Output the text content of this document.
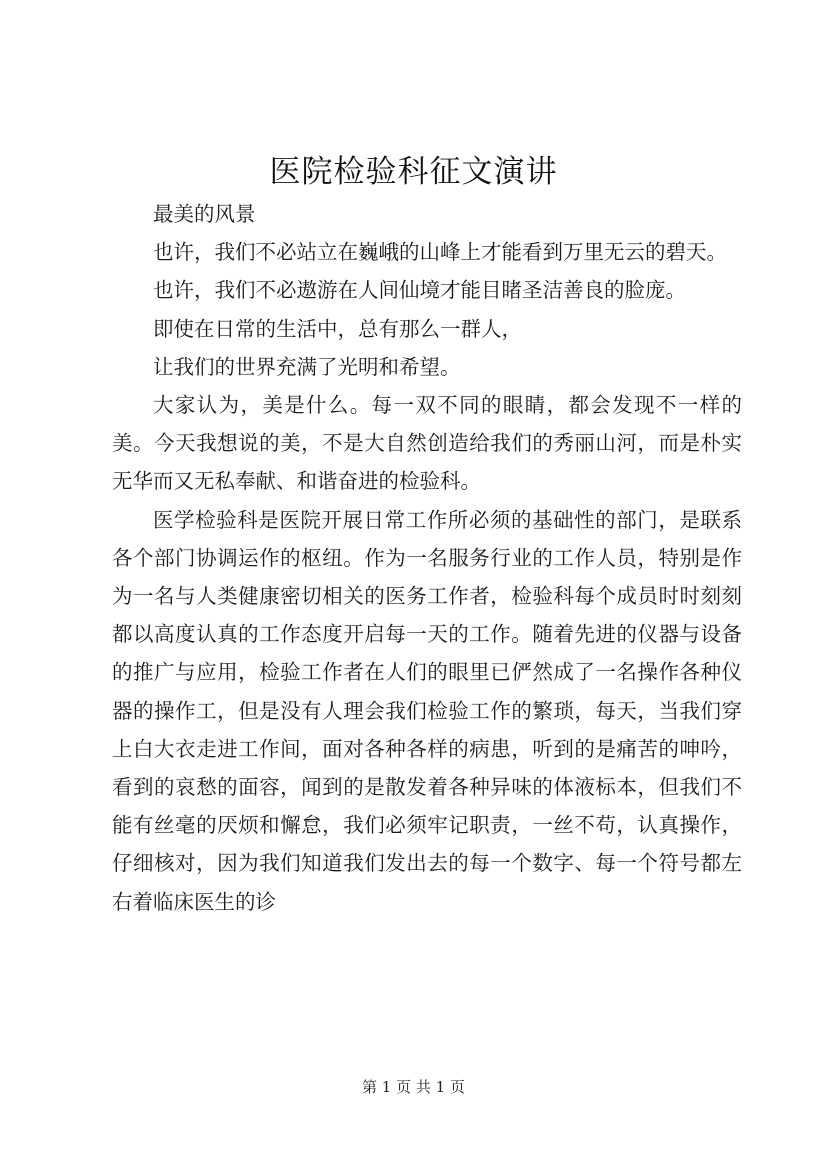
医院检验科征文演讲

最美的风景

也许，我们不必站立在巍峨的山峰上才能看到万里无云的碧天。

也许，我们不必遨游在人间仙境才能目睹圣洁善良的脸庞。

即使在日常的生活中，总有那么一群人，

让我们的世界充满了光明和希望。

大家认为，美是什么。每一双不同的眼睛，都会发现不一样的美。今天我想说的美，不是大自然创造给我们的秀丽山河，而是朴实无华而又无私奉献、和谐奋进的检验科。

医学检验科是医院开展日常工作所必须的基础性的部门，是联系各个部门协调运作的枢纽。作为一名服务行业的工作人员，特别是作为一名与人类健康密切相关的医务工作者，检验科每个成员时时刻刻都以高度认真的工作态度开启每一天的工作。随着先进的仪器与设备的推广与应用，检验工作者在人们的眼里已俨然成了一名操作各种仪器的操作工，但是没有人理会我们检验工作的繁琐，每天，当我们穿上白大衣走进工作间，面对各种各样的病患，听到的是痛苦的呻吟，看到的哀愁的面容，闻到的是散发着各种异味的体液标本，但我们不能有丝毫的厌烦和懈怠，我们必须牢记职责，一丝不苟，认真操作，仔细核对，因为我们知道我们发出去的每一个数字、每一个符号都左右着临床医生的诊

第 1 页 共 1 页
